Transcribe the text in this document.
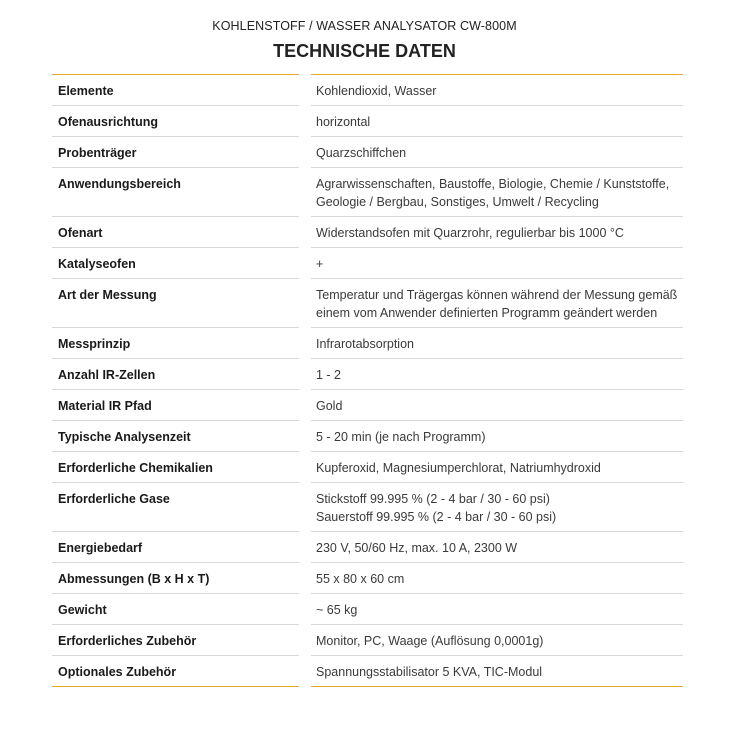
KOHLENSTOFF / WASSER ANALYSATOR CW-800M
TECHNISCHE DATEN
Elemente	Kohlendioxid, Wasser
Ofenausrichtung	horizontal
Probenträger	Quarzschiffchen
Anwendungsbereich	Agrarwissenschaften, Baustoffe, Biologie, Chemie / Kunststoffe, Geologie / Bergbau, Sonstiges, Umwelt / Recycling
Ofenart	Widerstandsofen mit Quarzrohr, regulierbar bis 1000 °C
Katalyseofen	+
Art der Messung	Temperatur und Trägergas können während der Messung gemäß einem vom Anwender definierten Programm geändert werden
Messprinzip	Infrarotabsorption
Anzahl IR-Zellen	1 - 2
Material IR Pfad	Gold
Typische Analysenzeit	5 - 20 min (je nach Programm)
Erforderliche Chemikalien	Kupferoxid, Magnesiumperchlorat, Natriumhydroxid
Erforderliche Gase	Stickstoff 99.995 % (2 - 4 bar / 30 - 60 psi)
Sauerstoff 99.995 % (2 - 4 bar / 30 - 60 psi)
Energiebedarf	230 V, 50/60 Hz, max. 10 A, 2300 W
Abmessungen (B x H x T)	55 x 80 x 60 cm
Gewicht	~ 65 kg
Erforderliches Zubehör	Monitor, PC, Waage (Auflösung 0,0001g)
Optionales Zubehör	Spannungsstabilisator 5 KVA, TIC-Modul
